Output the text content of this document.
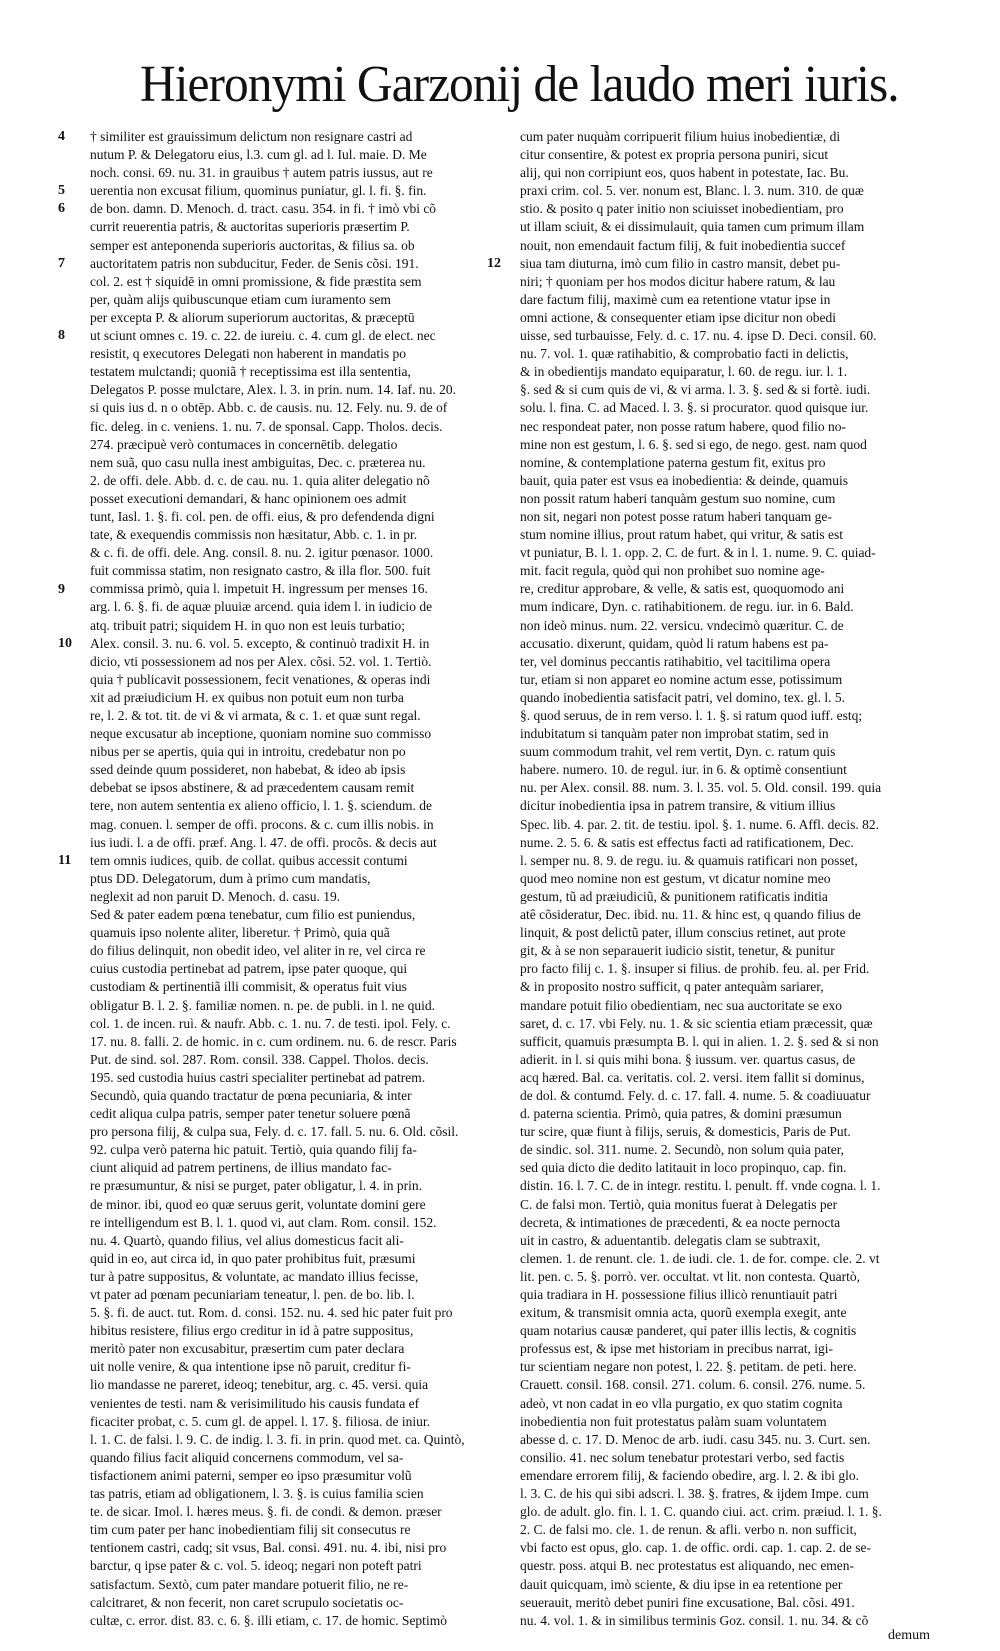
Hieronymi Garzonij de laudo meri iuris.
† similiter est grauissimum delictum non resignare castri ad
nutum P. & Delegatoru eius, l.3. cum gl. ad l. Iul. maie. D. Me
noch. consi. 69. nu. 31. in grauibus † autem patris iussus, aut re
uerentia non excusat filium, quominus puniatur, gl. l. fi. §. fin.
de bon. damn. D. Menoch. d. tract. casu. 354. in fi. † imò vbi cõ
currit reuerentia patris, & auctoritas superioris præsertim P.
semper est anteponenda superioris auctoritas, & filius sa. ob
auctoritatem patris non subducitur, Feder. de Senis cõsi. 191.
col. 2. est † siquidē in omni promissione, & fide præstita sem
per, quàm alijs quibuscunque etiam cum iuramento sem
per excepta P. & aliorum superiorum auctoritas, & præceptū
ut sciunt omnes c. 19. c. 22. de iureiu. c. 4. cum gl. de elect. nec
resistit, q executores Delegati non haberent in mandatis po
testatem mulctandi; quoniã † receptissima est illa sententia,
Delegatos P. posse mulctare, Alex. l. 3. in prin. num. 14. Iaf. nu. 20.
si quis ius d. n o obtēp. Abb. c. de causis. nu. 12. Fely. nu. 9. de of
fic. deleg. in c. veniens. 1. nu. 7. de sponsal. Capp. Tholos. decis.
274. præcipuè verò contumaces in concernētib. delegatio
nem suã, quo casu nulla inest ambiguitas, Dec. c. præterea nu.
2. de offi. dele. Abb. d. c. de cau. nu. 1. quia aliter delegatio nõ
posset executioni demandari, & hanc opinionem oes admit
tunt, Iasl. 1. §. fi. col. pen. de offi. eius, & pro defendenda digni
tate, & exequendis commissis non hæsitatur, Abb. c. 1. in pr.
& c. fi. de offi. dele. Ang. consil. 8. nu. 2. igitur pœnasor. 1000.
fuit commissa statim, non resignato castro, & illa flor. 500. fuit
commissa primò, quia l. impetuit H. ingressum per menses 16.
arg. l. 6. §. fi. de aquæ pluuiæ arcend. quia idem l. in iudicio de
atq. tribuit patri; siquidem H. in quo non est leuis turbatio;
Alex. consil. 3. nu. 6. vol. 5. excepto, & continuò tradixit H. in
dicio, vti possessionem ad nos per Alex. cõsi. 52. vol. 1. Tertiò.
quia † publicavit possessionem, fecit venationes, & operas indi
xit ad præiudicium H. ex quibus non potuit eum non turba
re, l. 2. & tot. tit. de vi & vi armata, & c. 1. et quæ sunt regal.
neque excusatur ab inceptione, quoniam nomine suo commisso
nibus per se apertis, quia qui in introitu, credebatur non po
ssed deinde quum possideret, non habebat, & ideo ab ipsis
debebat se ipsos abstinere, & ad præcedentem causam remit
tere, non autem sententia ex alieno officio, l. 1. §. sciendum. de
mag. conuen. l. semper de offi. procons. & c. cum illis nobis. in
ius iudi. l. a de offi. præf. Ang. l. 47. de offi. procõs. & decis aut
tem omnis iudices, quib. de collat. quibus accessit contumi
ptus DD. Delegatorum, dum à primo cum mandatis,
neglexit ad non paruit D. Menoch. d. casu. 19.
Sed & pater eadem pœna tenebatur, cum filio est puniendus,
quamuis ipso nolente aliter, liberetur. † Primò, quia quã
do filius delinquit, non obedit ideo, vel aliter in re, vel circa re
cuius custodia pertinebat ad patrem, ipse pater quoque, qui
custodiam & pertinentiã illi commisit, & operatus fuit vius
obligatur B. l. 2. §. familiæ nomen. n. pe. de publi. in l. ne quid.
col. 1. de incen. ruì. & naufr. Abb. c. 1. nu. 7. de testi. ipol. Fely. c.
17. nu. 8. falli. 2. de homic. in c. cum ordinem. nu. 6. de rescr. Paris
Put. de sind. sol. 287. Rom. consil. 338. Cappel. Tholos. decis.
195. sed custodia huius castri specialiter pertinebat ad patrem.
Secundò, quia quando tractatur de pœna pecuniaria, & inter
cedit aliqua culpa patris, semper pater tenetur soluere pœnã
pro persona filij, & culpa sua, Fely. d. c. 17. fall. 5. nu. 6. Old. cõsil.
92. culpa verò paterna hic patuit. Tertiò, quia quando filij fa-
ciunt aliquid ad patrem pertinens, de illius mandato fac-
re præsumuntur, & nisi se purget, pater obligatur, l. 4. in prin.
de minor. ibi, quod eo quæ seruus gerit, voluntate domini gere
re intelligendum est B. l. 1. quod vi, aut clam. Rom. consil. 152.
nu. 4. Quartò, quando filius, vel alius domesticus facit ali-
quid in eo, aut circa id, in quo pater prohibitus fuit, præsumi
tur à patre suppositus, & voluntate, ac mandato illius fecisse,
vt pater ad pœnam pecuniariam teneatur, l. pen. de bo. lib. l.
5. §. fi. de auct. tut. Rom. d. consi. 152. nu. 4. sed hic pater fuit pro
hibitus resistere, filius ergo creditur in id à patre suppositus,
meritò pater non excusabitur, præsertim cum pater declara
uit nolle venire, & qua intentione ipse nõ paruit, creditur fi-
lio mandasse ne pareret, ideoq; tenebitur, arg. c. 45. versi. quia
venientes de testi. nam & verisimilitudo his causis fundata ef
ficaciter probat, c. 5. cum gl. de appel. l. 17. §. filiosa. de iniur.
l. 1. C. de falsi. l. 9. C. de indig. l. 3. fi. in prin. quod met. ca. Quintò,
quando filius facit aliquid concernens commodum, vel sa-
tisfactionem animi paterni, semper eo ipso præsumitur volũ
tas patris, etiam ad obligationem, l. 3. §. is cuius familia scien
te. de sicar. Imol. l. hæres meus. §. fi. de condi. & demon. præser
tim cum pater per hanc inobedientiam filij sit consecutus re
tentionem castri, cadq; sit vsus, Bal. consi. 491. nu. 4. ibi, nisi pro
barctur, q ipse pater & c. vol. 5. ideoq; negari non poteft patri
satisfactum. Sextò, cum pater mandare potuerit filio, ne re-
calcitraret, & non fecerit, non caret scrupulo societatis oc-
cultæ, c. error. dist. 83. c. 6. §. illi etiam, c. 17. de homic. Septimò
cum pater nuquàm corripuerit filium huius inobedientiæ, di
citur consentire, & potest ex propria persona puniri, sicut
alij, qui non corripiunt eos, quos habent in potestate, Iac. Bu.
praxi crim. col. 5. ver. nonum est, Blanc. l. 3. num. 310. de quæ
stio. & posito q pater initio non sciuisset inobedientiam, pro
ut illam sciuit, & ei dissimulauit, quia tamen cum primum illam
nouit, non emendauit factum filij, & fuit inobedientia succef
siua tam diuturna, imò cum filio in castro mansit, debet pu-
niri; † quoniam per hos modos dicitur habere ratum, & lau
dare factum filij, maximè cum ea retentione vtatur ipse in
omni actione, & consequenter etiam ipse dicitur non obedi
uisse, sed turbauisse, Fely. d. c. 17. nu. 4. ipse D. Deci. consil. 60.
nu. 7. vol. 1. quæ ratihabitio, & comprobatio facti in delictis,
& in obedientijs mandato equiparatur, l. 60. de regu. iur. l. 1.
§. sed & si cum quis de vi, & vi arma. l. 3. §. sed & si fortè. iudi.
solu. l. fina. C. ad Maced. l. 3. §. si procurator. quod quisque iur.
nec respondeat pater, non posse ratum habere, quod filio no-
mine non est gestum, l. 6. §. sed si ego, de nego. gest. nam quod
nomine, & contemplatione paterna gestum fit, exitus pro
bauit, quia pater est vsus ea inobedientia: & deinde, quamuis
non possit ratum haberi tanquàm gestum suo nomine, cum
non sit, negari non potest posse ratum haberi tanquam ge-
stum nomine illius, prout ratum habet, qui vritur, & satis est
vt puniatur, B. l. 1. opp. 2. C. de furt. & in l. 1. nume. 9. C. quiad-
mit. facit regula, quòd qui non prohibet suo nomine age-
re, creditur approbare, & velle, & satis est, quoquomodo ani
mum indicare, Dyn. c. ratihabitionem. de regu. iur. in 6. Bald.
non ideò minus. num. 22. versicu. vndecimò quæritur. C. de
accusatio. dixerunt, quidam, quòd li ratum habens est pa-
ter, vel dominus peccantis ratihabitio, vel tacitilima opera
tur, etiam si non apparet eo nomine actum esse, potissimum
quando inobedientia satisfacit patri, vel domino, tex. gl. l. 5.
§. quod seruus, de in rem verso. l. 1. §. si ratum quod iuff. estq;
indubitatum si tanquàm pater non improbat statim, sed in
suum commodum trahit, vel rem vertit, Dyn. c. ratum quis
habere. numero. 10. de regul. iur. in 6. & optimè consentiunt
nu. per Alex. consil. 88. num. 3. l. 35. vol. 5. Old. consil. 199. quia
dicitur inobedientia ipsa in patrem transire, & vitium illius
Spec. lib. 4. par. 2. tit. de testiu. ipol. §. 1. nume. 6. Affl. decis. 82.
nume. 2. 5. 6. & satis est effectus facti ad ratificationem, Dec.
l. semper nu. 8. 9. de regu. iu. & quamuis ratificari non posset,
quod meo nomine non est gestum, vt dicatur nomine meo
gestum, tũ ad præiudiciũ, & punitionem ratificatis inditia
atê cõsideratur, Dec. ibid. nu. 11. & hinc est, q quando filius de
linquit, & post delictũ pater, illum conscius retinet, aut prote
git, & à se non separauerit iudicio sistit, tenetur, & punitur
pro facto filij c. 1. §. insuper si filius. de prohib. feu. al. per Frid.
& in proposito nostro sufficit, q pater antequàm sariarer,
mandare potuit filio obedientiam, nec sua auctoritate se exo
saret, d. c. 17. vbi Fely. nu. 1. & sic scientia etiam præcessit, quæ
sufficit, quamuis præsumpta B. l. qui in alien. 1. 2. §. sed & si non
adierit. in l. si quis mihi bona. § iussum. ver. quartus casus, de
acq hæred. Bal. ca. veritatis. col. 2. versi. item fallit si dominus,
de dol. & contumd. Fely. d. c. 17. fall. 4. nume. 5. & coadiuuatur
d. paterna scientia. Primò, quia patres, & domini præsumun
tur scire, quæ fiunt à filijs, seruis, & domesticis, Paris de Put.
de sindic. sol. 311. nume. 2. Secundò, non solum quia pater,
sed quia dicto die dedito latitauit in loco propinquo, cap. fin.
distin. 16. l. 7. C. de in integr. restitu. l. penult. ff. vnde cogna. l. 1.
C. de falsi mon. Tertiò, quia monitus fuerat à Delegatis per
decreta, & intimationes de præcedenti, & ea nocte pernocta
uit in castro, & aduentantib. delegatis clam se subtraxit,
clemen. 1. de renunt. cle. 1. de iudi. cle. 1. de for. compe. cle. 2. vt
lit. pen. c. 5. §. porrò. ver. occultat. vt lit. non contesta. Quartò,
quia tradiara in H. possessione filius illicò renuntiauit patri
exitum, & transmisit omnia acta, quorũ exempla exegit, ante
quam notarius causæ panderet, qui pater illis lectis, & cognitis
professus est, & ipse met historiam in precibus narrat, igi-
tur scientiam negare non potest, l. 22. §. petitam. de peti. here.
Crauett. consil. 168. consil. 271. colum. 6. consil. 276. nume. 5.
adeò, vt non cadat in eo vlla purgatio, ex quo statim cognita
inobedientia non fuit protestatus palàm suam voluntatem
abesse d. c. 17. D. Menoc de arb. iudi. casu 345. nu. 3. Curt. sen.
consilio. 41. nec solum tenebatur protestari verbo, sed factis
emendare errorem filij, & faciendo obedire, arg. l. 2. & ibi glo.
l. 3. C. de his qui sibi adscri. l. 38. §. fratres, & ijdem Impe. cum
glo. de adult. glo. fin. l. 1. C. quando ciui. act. crim. præiud. l. 1. §.
2. C. de falsi mo. cle. 1. de renun. & afli. verbo n. non sufficit,
vbi facto est opus, glo. cap. 1. de offic. ordi. cap. 1. cap. 2. de se-
questr. poss. atqui B. nec protestatus est aliquando, nec emen-
dauit quicquam, imò sciente, & diu ipse in ea retentione per
seuerauit, meritò debet puniri fine excusatione, Bal. cõsi. 491.
nu. 4. vol. 1. & in similibus terminis Goz. consil. 1. nu. 34. & cõ
4
5
6
7
8
9
10
11
12
demum
